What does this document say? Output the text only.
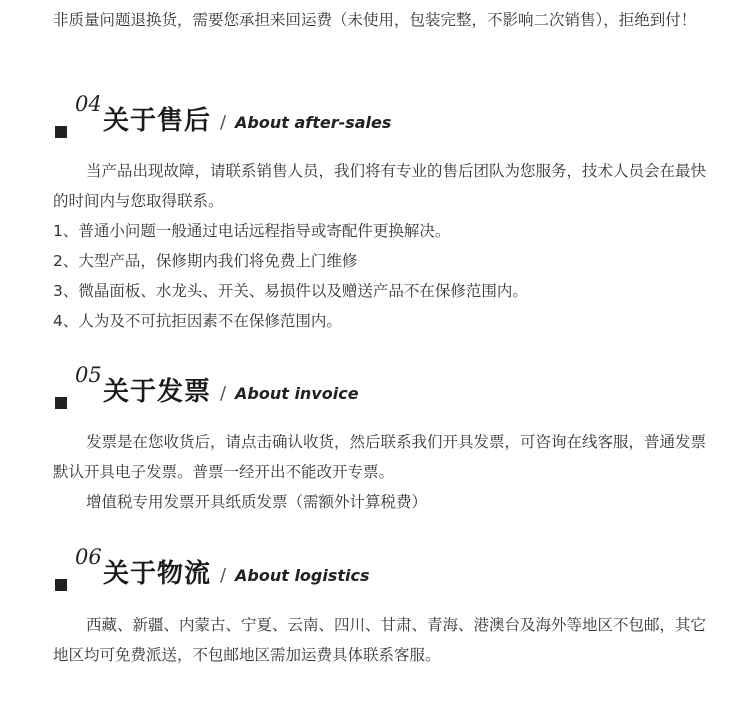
非质量问题退换货，需要您承担来回运费（未使用，包装完整，不影响二次销售），拒绝到付！

04
关于售后 / About after-sales

当产品出现故障，请联系销售人员，我们将有专业的售后团队为您服务，技术人员会在最快的时间内与您取得联系。

1、普通小问题一般通过电话远程指导或寄配件更换解决。
2、大型产品，保修期内我们将免费上门维修
3、微晶面板、水龙头、开关、易损件以及赠送产品不在保修范围内。
4、人为及不可抗拒因素不在保修范围内。
05
关于发票 / About invoice

发票是在您收货后，请点击确认收货，然后联系我们开具发票，可咨询在线客服，普通发票默认开具电子发票。普票一经开出不能改开专票。

增值税专用发票开具纸质发票（需额外计算税费）

06
关于物流 / About logistics

西藏、新疆、内蒙古、宁夏、云南、四川、甘肃、青海、港澳台及海外等地区不包邮，其它地区均可免费派送，不包邮地区需加运费具体联系客服。
